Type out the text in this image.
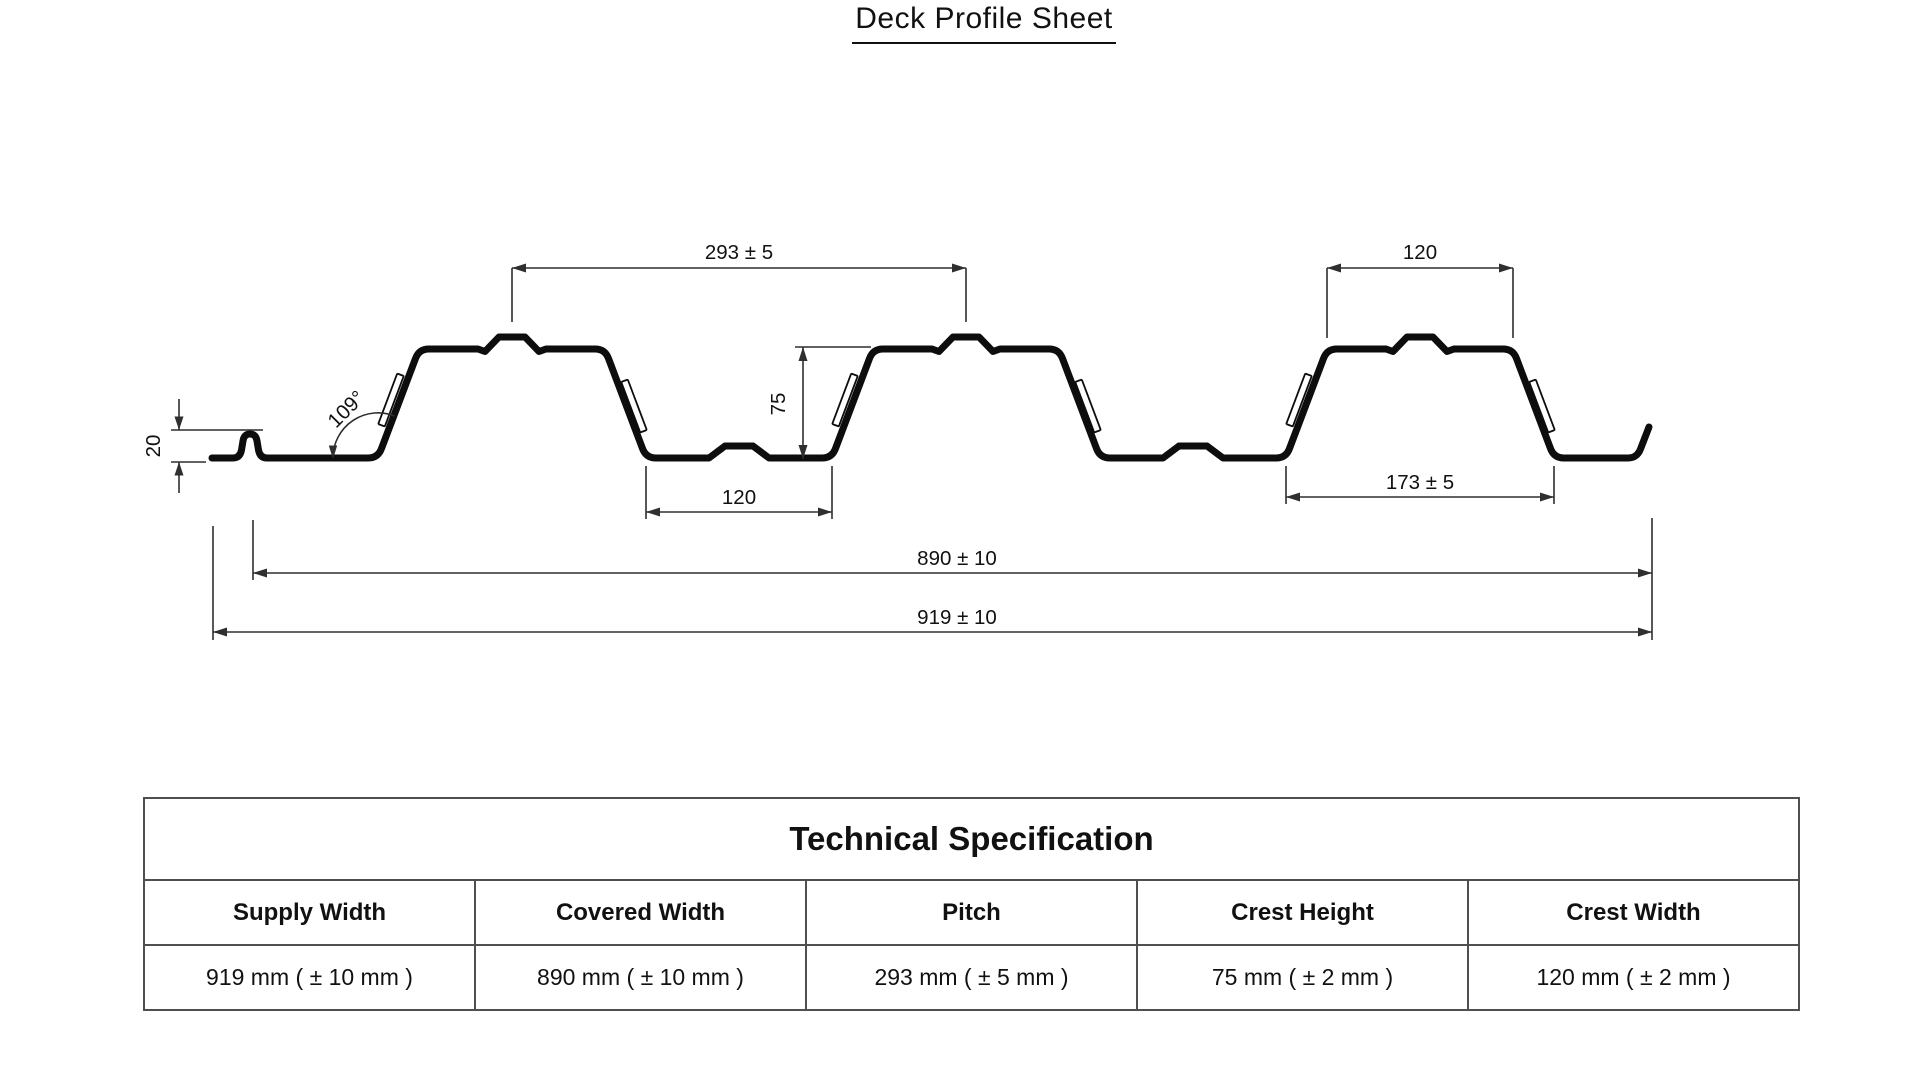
Deck Profile Sheet
293 ± 5	120
75
109°
20
120
173 ± 5
890 ± 10
919 ± 10
Technical Specification				
Supply Width	Covered Width	Pitch	Crest Height	Crest Width
919 mm ( ± 10 mm )	890 mm ( ± 10 mm )	293 mm ( ± 5 mm )	75 mm ( ± 2 mm )	120 mm ( ± 2 mm )
